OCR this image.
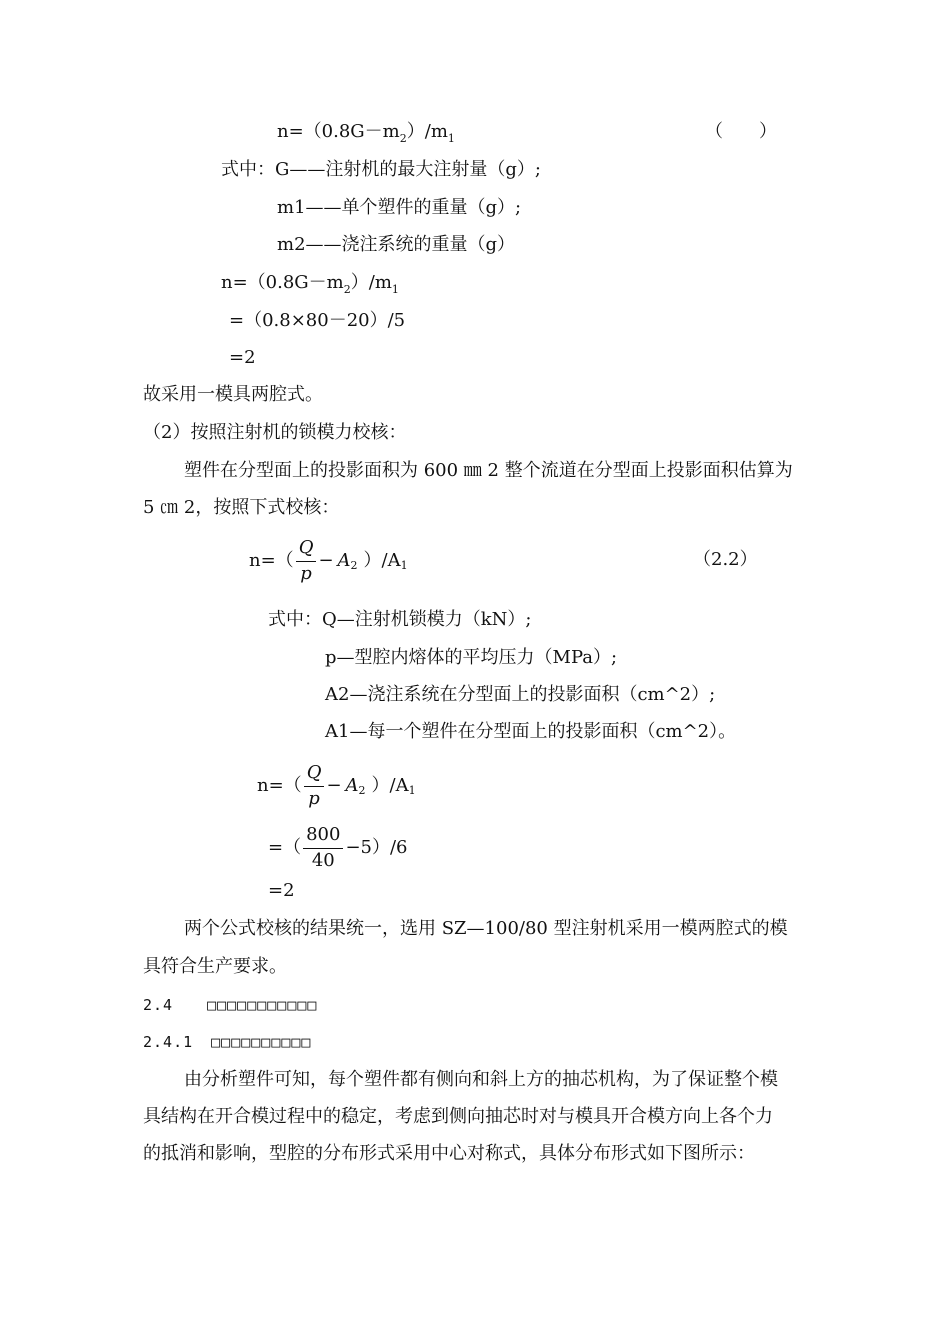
$n=(0.8G-m_2)/m_1$	（　　）
式中：G——注射机的最大注射量（g）;
m1——单个塑件的重量（g）;
m2——浇注系统的重量（g）
$n=(0.8G-m_2)/m_1$
=（0.8×80－20）/5
=2
故采用一模具两腔式。
（2）按照注射机的锁模力校核：
塑件在分型面上的投影面积为 600 ㎜ 2 整个流道在分型面上投影面积估算为
5 ㎝ 2，按照下式校核：
$n=( \frac{Q}{p} - A2$ ）/A1	（2.2）
式中：Q—注射机锁模力（kN）;
p—型腔内熔体的平均压力（MPa）;
A2—浇注系统在分型面上的投影面积（cm^2）;
A1—每一个塑件在分型面上的投影面积（cm^2）。
$n=( \frac{Q}{p} - A2$ ）/A1
=（ $\frac{800}{40} -5)/6$
=2
两个公式校核的结果统一，选用 SZ—100/80 型注射机采用一模两腔式的模
具符合生产要求。
2.4 □□□□□□□□□□□
2.4.1 □□□□□□□□□□
由分析塑件可知，每个塑件都有侧向和斜上方的抽芯机构，为了保证整个模
具结构在开合模过程中的稳定，考虑到侧向抽芯时对与模具开合模方向上各个力
的抵消和影响，型腔的分布形式采用中心对称式，具体分布形式如下图所示：
